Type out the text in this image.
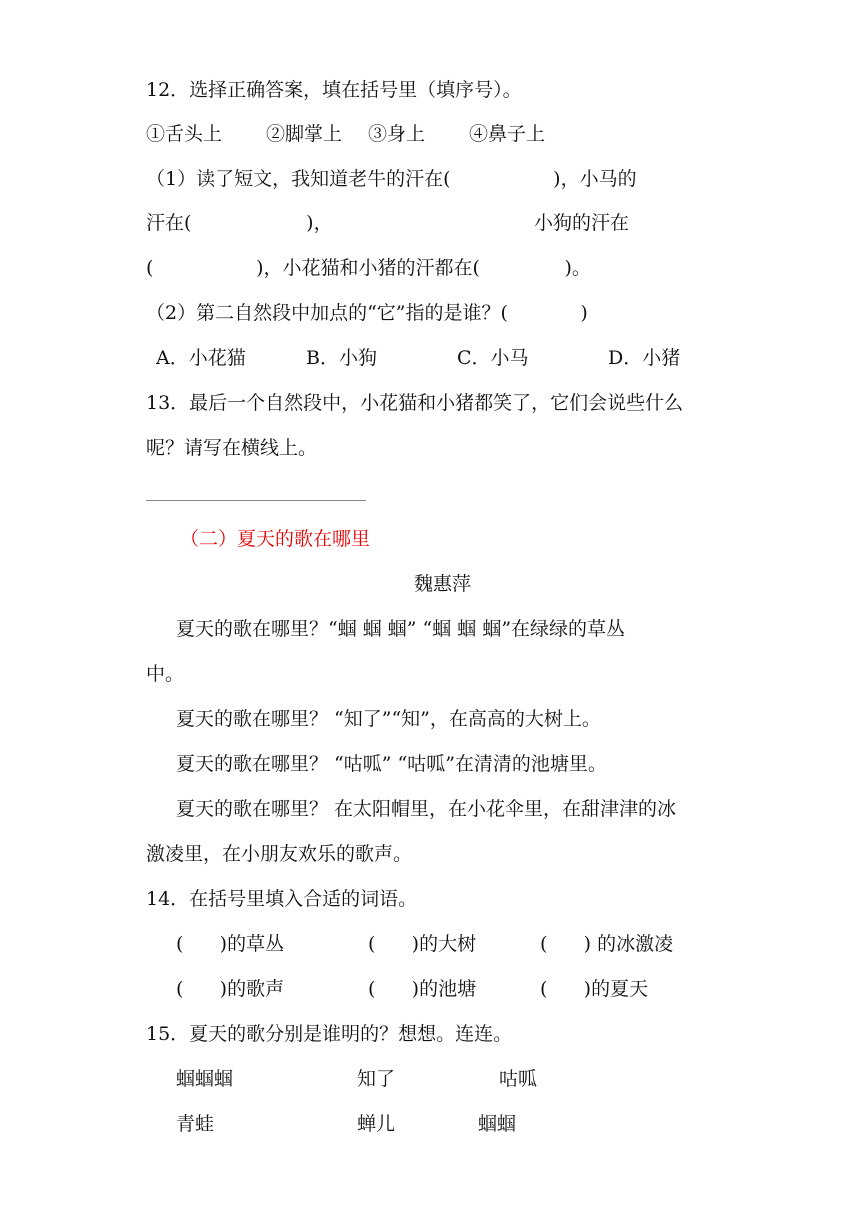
12．选择正确答案，填在括号里（填序号）。

①舌头上 ②脚掌上 ③身上 ④鼻子上

（1）读了短文，我知道老牛的汗在(                 )，小马的

汗在(                   )，	小狗的汗在

(                 )，小花猫和小猪的汗都在(              )。

（2）第二自然段中加点的“它”指的是谁？(            )

A．小花猫	B．小狗	C．小马	D．小猪

13．最后一个自然段中，小花猫和小猪都笑了，它们会说些什么

呢？请写在横线上。

（二）夏天的歌在哪里

魏惠萍

夏天的歌在哪里？“蝈 蝈 蝈” “蝈 蝈 蝈”在绿绿的草丛

中。

夏天的歌在哪里？ “知了”“知”，在高高的大树上。

夏天的歌在哪里？ “咕呱” “咕呱”在清清的池塘里。

夏天的歌在哪里？ 在太阳帽里，在小花伞里，在甜津津的冰

激凌里，在小朋友欢乐的歌声。

14．在括号里填入合适的词语。

(      )的草丛	(      )的大树	(      ) 的冰激凌

(      )的歌声	(      )的池塘	(      )的夏天

15．夏天的歌分别是谁明的？想想。连连。

蝈蝈蝈	知了	咕呱

青蛙	蝉儿	蝈蝈
